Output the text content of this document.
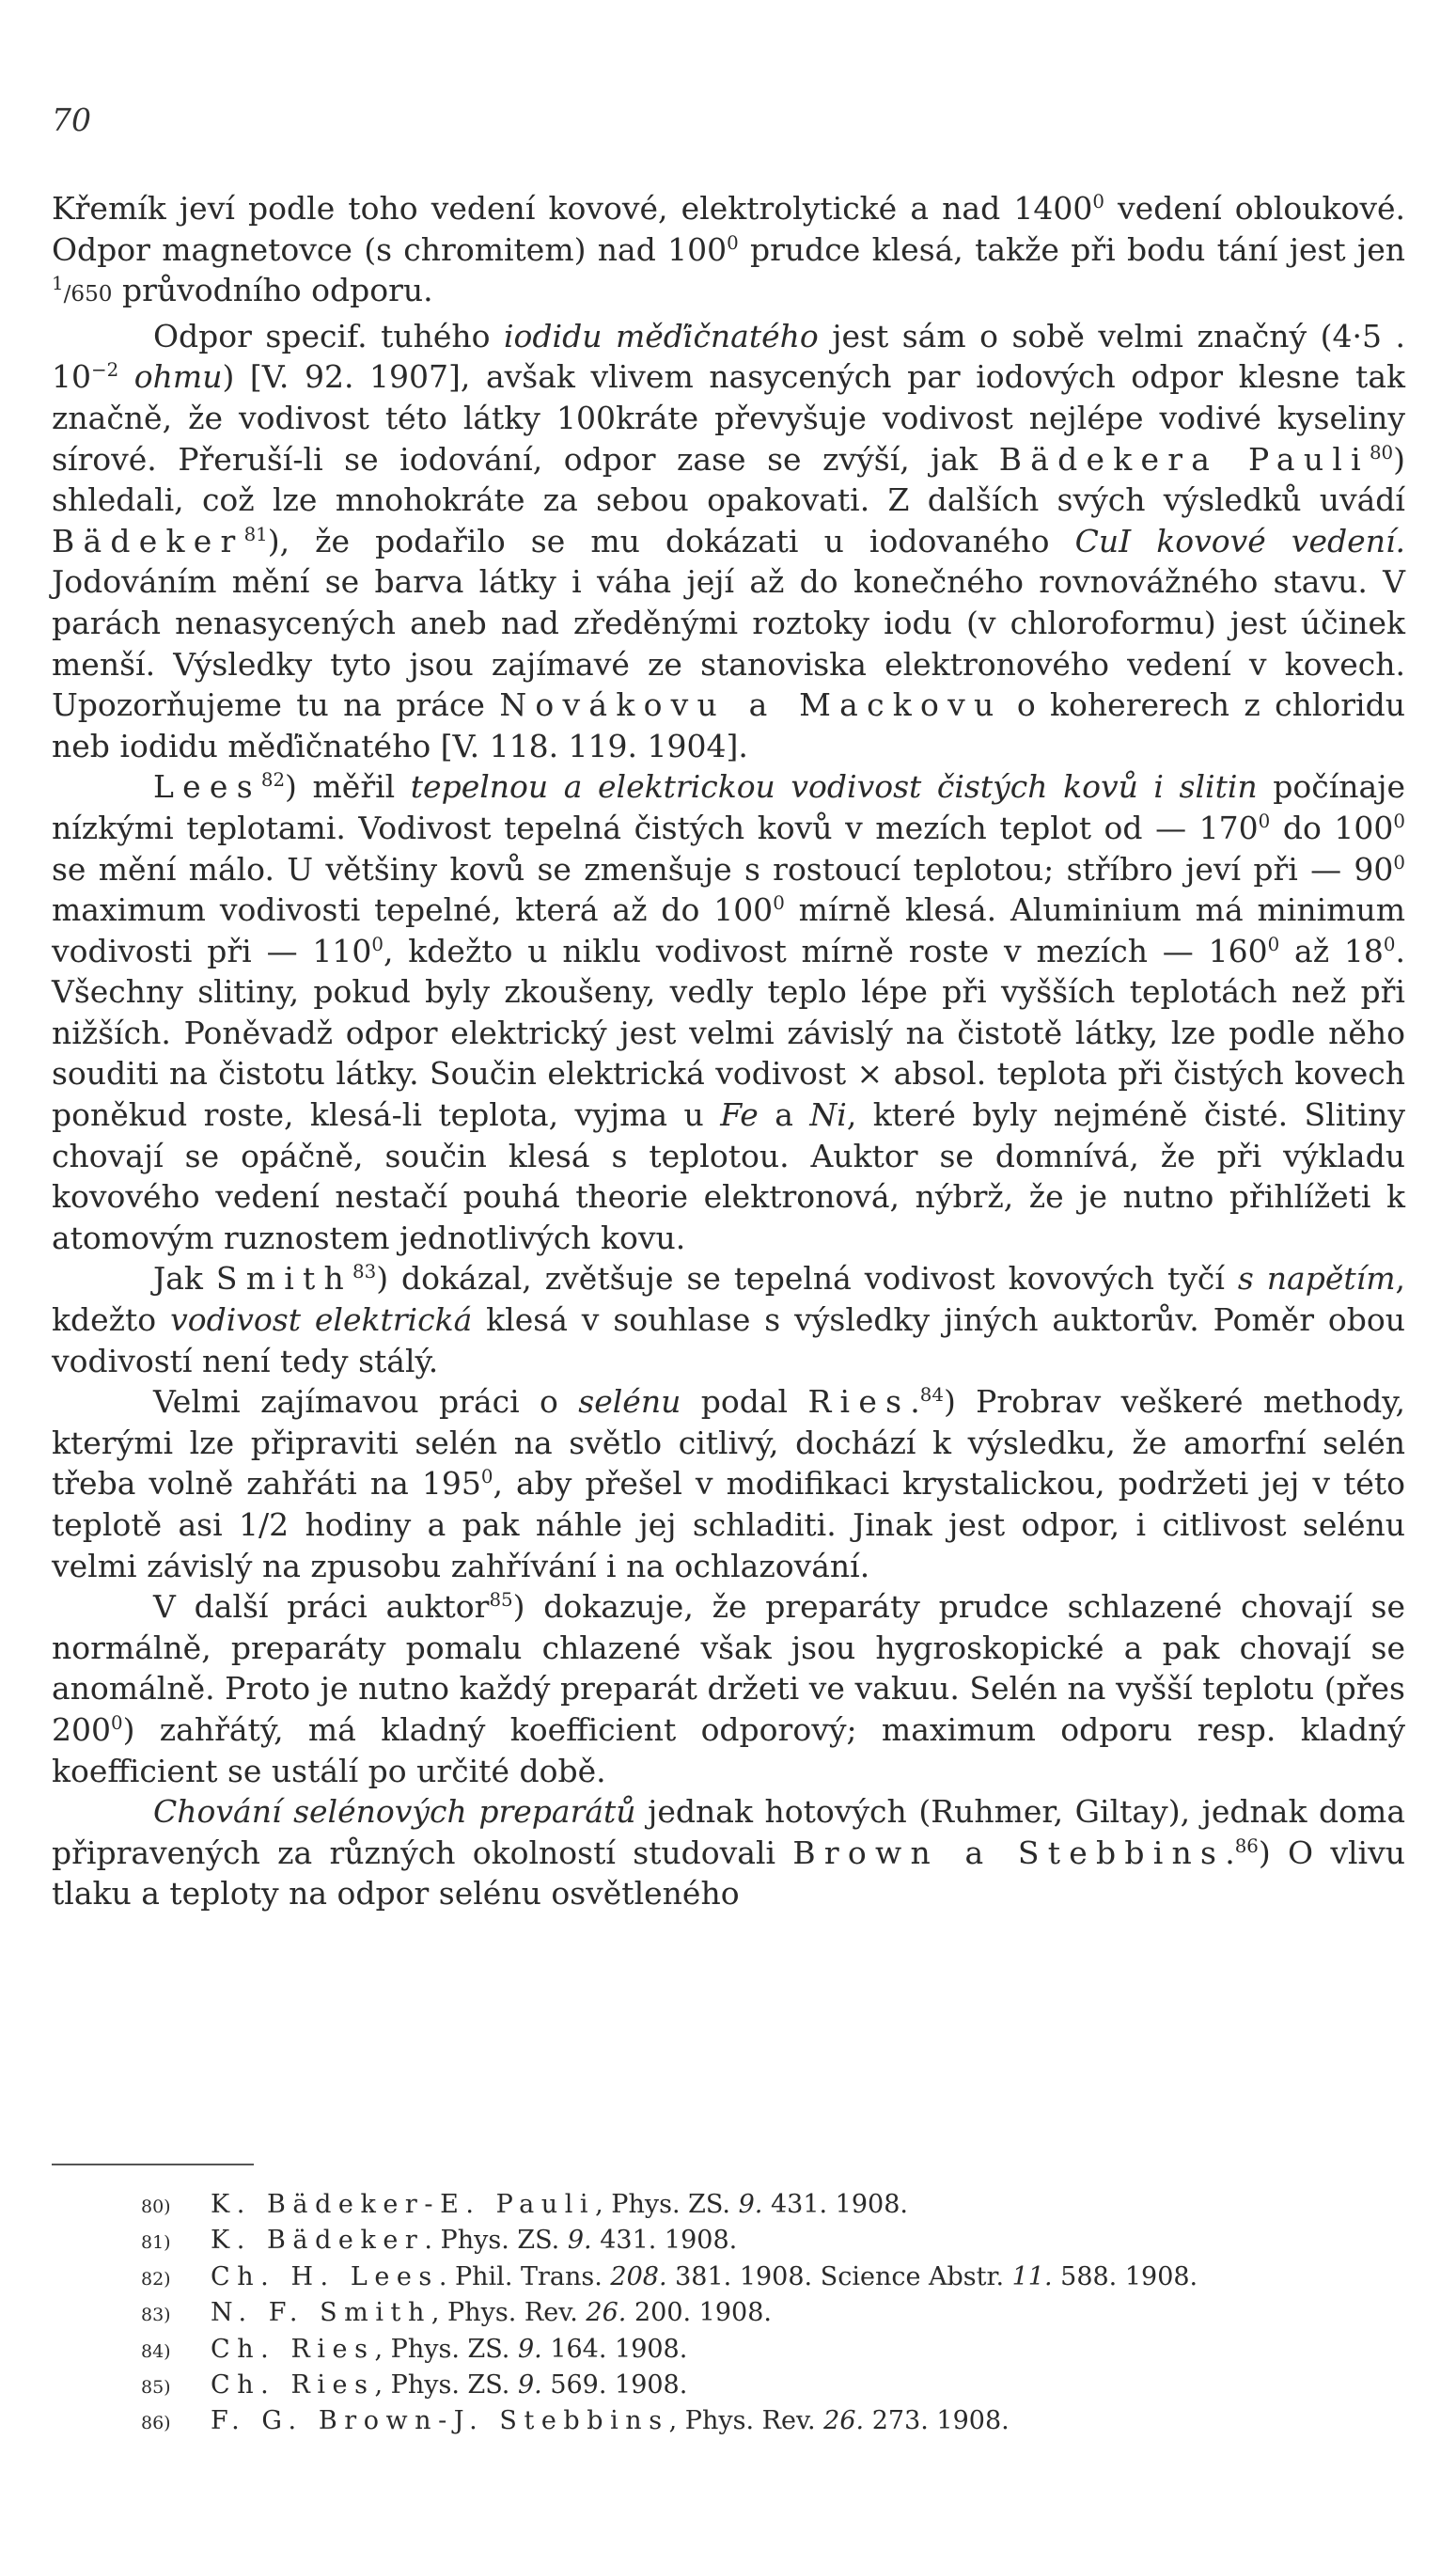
70

Křemík jeví podle toho vedení kovové, elektrolytické a nad 1400$^0$ vedení obloukové. Odpor magnetovce (s chromitem) nad $100^0$ prudce klesá, takže při bodu tání jest jen $^1$/650 průvodního odporu.

Odpor specif. tuhého iodidu měďičnatého jest sám o sobě velmi značný (4·5 . $10^{-2}$ ohmu) [V. 92. 1907], avšak vlivem nasycených par iodových odpor klesne tak značně, že vodivost této látky 100kráte převyšuje vodivost nejlépe vodivé kyseliny sírové. Přeruší-li se iodování, odpor zase se zvýší, jak Bädekera Pauli$^{80}$) shledali, což lze mnohokráte za sebou opakovati. Z dalších svých výsledků uvádí Bädeker$^{81}$), že podařilo se mu dokázati u iodovaného CuI kovové vedení. Jodováním mění se barva látky i váha její až do konečného rovnovážného stavu. V parách nenasycených aneb nad zředěnými roztoky iodu (v chloroformu) jest účinek menší. Výsledky tyto jsou zajímavé ze stanoviska elektronového vedení v kovech. Upozorňujeme tu na práce Novákovu a Mackovu o kohererech z chloridu neb iodidu měďičnatého [V. 118. 119. 1904].

Lees$^{82}$) měřil tepelnou a elektrickou vodivost čistých kovů i slitin počínaje nízkými teplotami. Vodivost tepelná čistých kovů v mezích teplot od — $170^0$ do $100^0$ se mění málo. U většiny kovů se zmenšuje s rostoucí teplotou; stříbro jeví při — $90^0$ maximum vodivosti tepelné, která až do $100^0$ mírně klesá. Aluminium má minimum vodivosti při — $110^0$, kdežto u niklu vodivost mírně roste v mezích — $160^0$ až $18^0$. Všechny slitiny, pokud byly zkoušeny, vedly teplo lépe při vyšších teplotách než při nižších. Poněvadž odpor elektrický jest velmi závislý na čistotě látky, lze podle něho souditi na čistotu látky. Součin elektrická vodivost × absol. teplota při čistých kovech poněkud roste, klesá-li teplota, vyjma u Fe a Ni, které byly nejméně čisté. Slitiny chovají se opáčně, součin klesá s teplotou. Auktor se domnívá, že při výkladu kovového vedení nestačí pouhá theorie elektronová, nýbrž, že je nutno přihlížeti k atomovým ruznostem jednotlivých kovu.

Jak Smith$^{83}$) dokázal, zvětšuje se tepelná vodivost kovových tyčí s napětím, kdežto vodivost elektrická klesá v souhlase s výsledky jiných auktorův. Poměr obou vodivostí není tedy stálý.

Velmi zajímavou práci o selénu podal Ries.$^{84}$) Probrav veškeré methody, kterými lze připraviti selén na světlo citlivý, dochází k výsledku, že amorfní selén třeba volně zahřáti na $195^0$, aby přešel v modifikaci krystalickou, podržeti jej v této teplotě asi 1/2 hodiny a pak náhle jej schladiti. Jinak jest odpor, i citlivost selénu velmi závislý na zpusobu zahřívání i na ochlazování.

V další práci auktor$^{85}$) dokazuje, že preparáty prudce schlazené chovají se normálně, preparáty pomalu chlazené však jsou hygroskopické a pak chovají se anomálně. Proto je nutno každý preparát držeti ve vakuu. Selén na vyšší teplotu (přes $200^0$) zahřátý, má kladný koefficient odporový; maximum odporu resp. kladný koefficient se ustálí po určité době.

Chování selénových preparátů jednak hotových (Ruhmer, Giltay), jednak doma připravených za různých okolností studovali Brown a Stebbins.$^{86}$) O vlivu tlaku a teploty na odpor selénu osvětleného

80)	K. Bädeker-E. Pauli, Phys. ZS. 9. 431. 1908.
81)	K. Bädeker. Phys. ZS. 9. 431. 1908.
82)	Ch. H. Lees. Phil. Trans. 208. 381. 1908. Science Abstr. 11. 588. 1908.
83)	N. F. Smith, Phys. Rev. 26. 200. 1908.
84)	Ch. Ries, Phys. ZS. 9. 164. 1908.
85)	Ch. Ries, Phys. ZS. 9. 569. 1908.
86)	F. G. Brown-J. Stebbins, Phys. Rev. 26. 273. 1908.
